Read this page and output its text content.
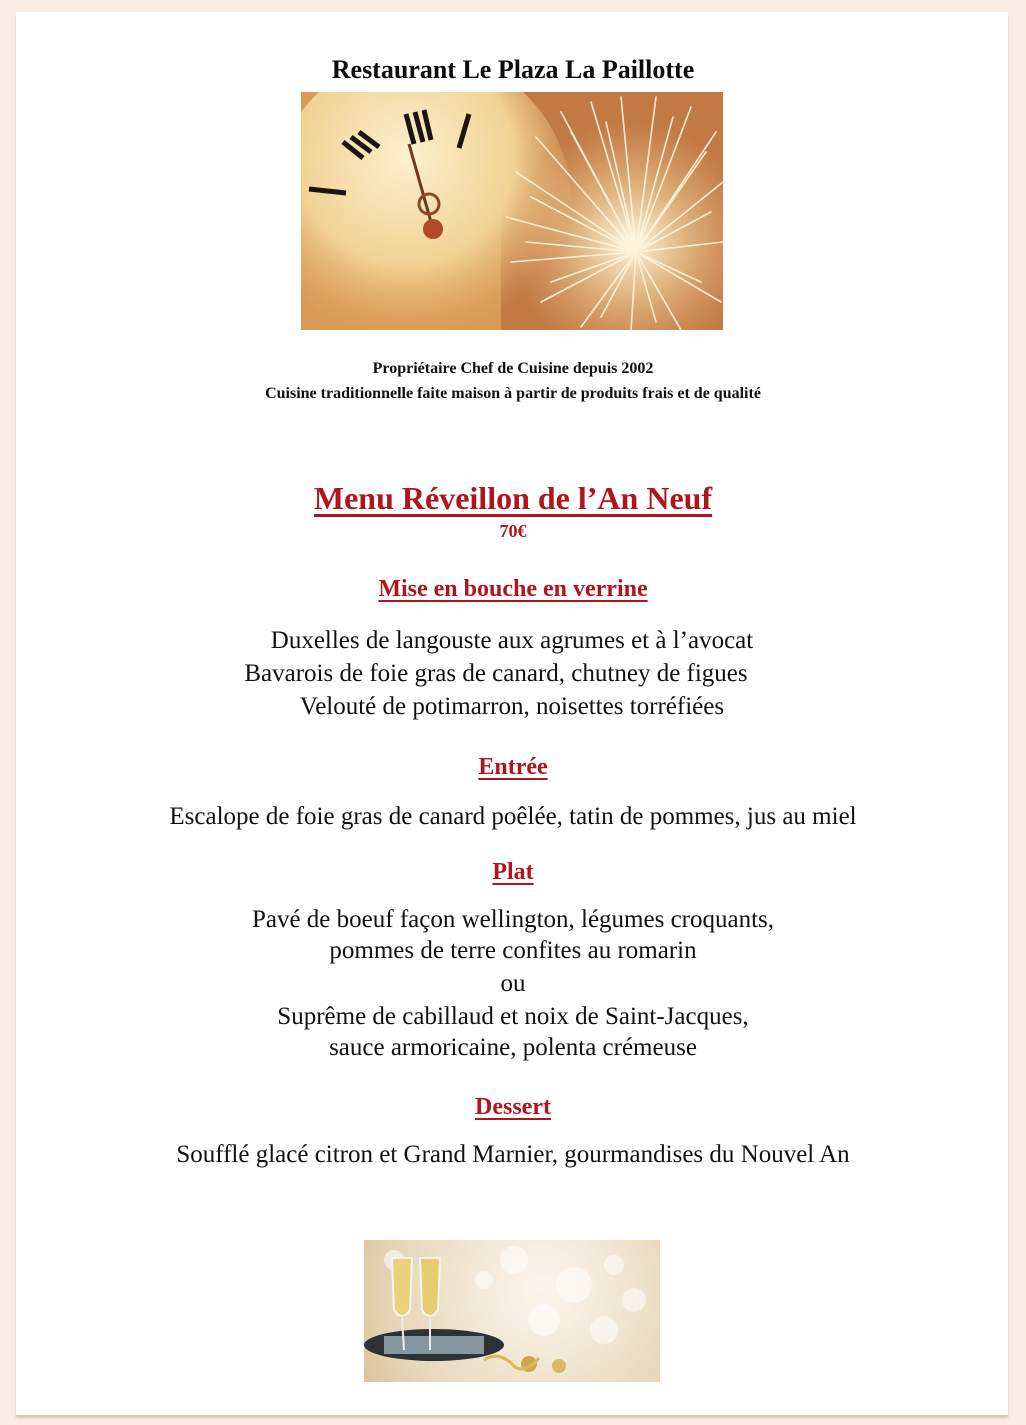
Restaurant Le Plaza La Paillotte
Propriétaire Chef de Cuisine depuis 2002
Cuisine traditionnelle faite maison à partir de produits frais et de qualité
Menu Réveillon de l’An Neuf
70€
Mise en bouche en verrine
Duxelles de langouste aux agrumes et à l’avocat
Bavarois de foie gras de canard, chutney de figues
Velouté de potimarron, noisettes torréfiées
Entrée
Escalope de foie gras de canard poêlée, tatin de pommes, jus au miel
Plat
Pavé de boeuf façon wellington, légumes croquants,
pommes de terre confites au romarin
ou
Suprême de cabillaud et noix de Saint-Jacques,
sauce armoricaine, polenta crémeuse
Dessert
Soufflé glacé citron et Grand Marnier, gourmandises du Nouvel An
